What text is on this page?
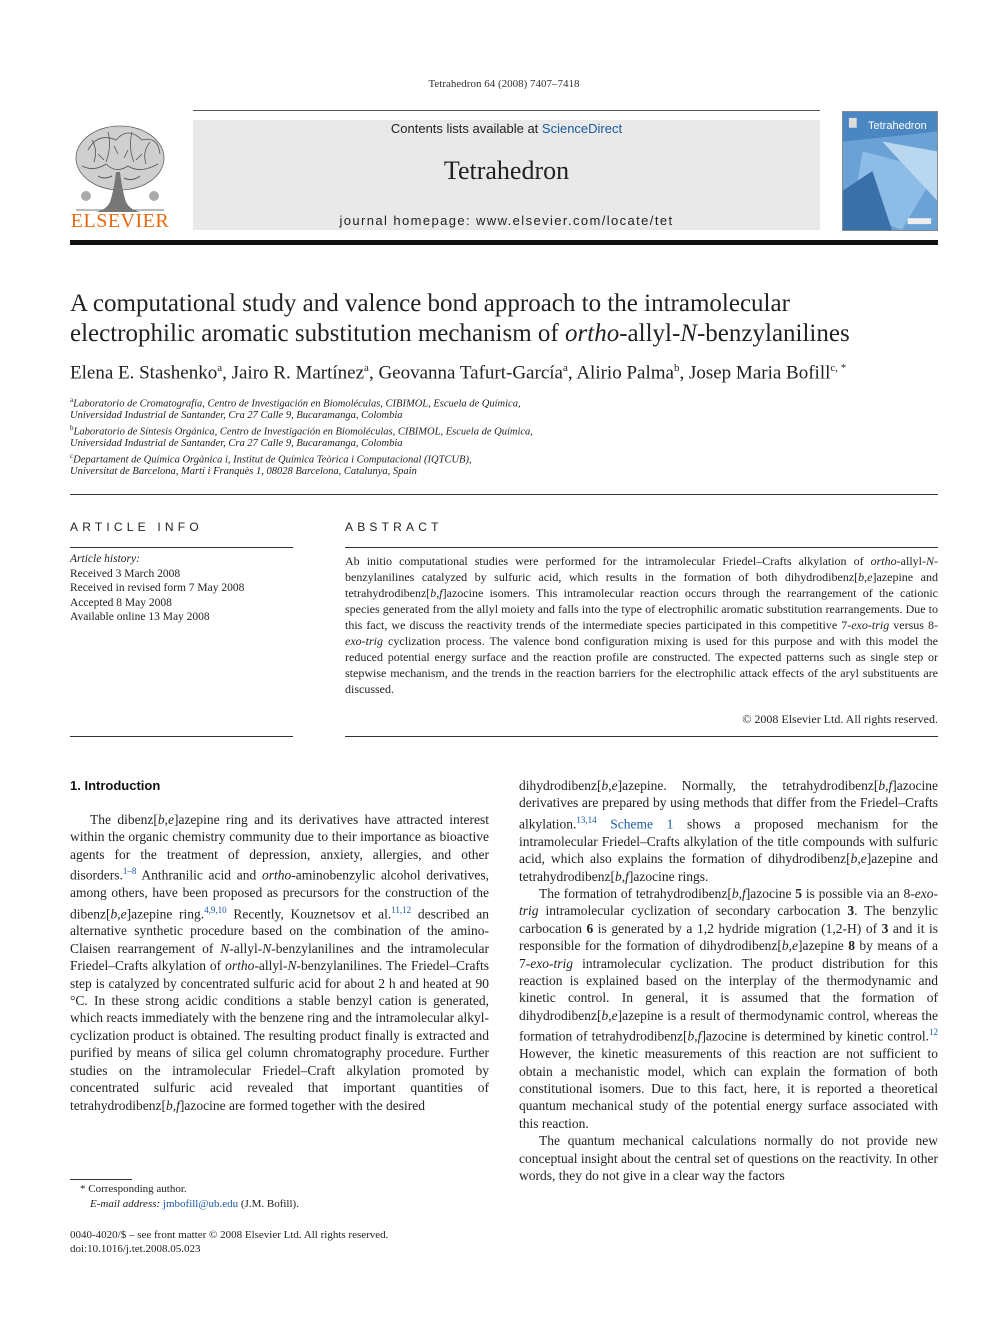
Tetrahedron 64 (2008) 7407–7418
Contents lists available at ScienceDirect
Tetrahedron
journal homepage: www.elsevier.com/locate/tet
ELSEVIER
Tetrahedron
A computational study and valence bond approach to the intramolecular
electrophilic aromatic substitution mechanism of ortho-allyl-N-benzylanilines
Elena E. Stashenko$^a$, Jairo R. Martínez$^a$, Geovanna Tafurt-García$^a$, Alirio Palma$^b$, Josep Maria Bofill$^{c, *}$
$^a$Laboratorio de Cromatografía, Centro de Investigación en Biomoléculas, CIBIMOL, Escuela de Química,
Universidad Industrial de Santander, Cra 27 Calle 9, Bucaramanga, Colombia
$^b$Laboratorio de Síntesis Orgánica, Centro de Investigación en Biomoléculas, CIBIMOL, Escuela de Química,
Universidad Industrial de Santander, Cra 27 Calle 9, Bucaramanga, Colombia
$^c$Departament de Química Orgànica i, Institut de Química Teòrica i Computacional (IQTCUB),
Universitat de Barcelona, Martí i Franquès 1, 08028 Barcelona, Catalunya, Spain
ARTICLE INFO
Article history:
Received 3 March 2008
Received in revised form 7 May 2008
Accepted 8 May 2008
Available online 13 May 2008
ABSTRACT
Ab initio computational studies were performed for the intramolecular Friedel–Crafts alkylation of ortho-allyl-N-benzylanilines catalyzed by sulfuric acid, which results in the formation of both dihydrodibenz[b,e]azepine and tetrahydrodibenz[b,f]azocine isomers. This intramolecular reaction occurs through the rearrangement of the cationic species generated from the allyl moiety and falls into the type of electrophilic aromatic substitution rearrangements. Due to this fact, we discuss the reactivity trends of the intermediate species participated in this competitive 7-exo-trig versus 8-exo-trig cyclization process. The valence bond configuration mixing is used for this purpose and with this model the reduced potential energy surface and the reaction profile are constructed. The expected patterns such as single step or stepwise mechanism, and the trends in the reaction barriers for the electrophilic attack effects of the aryl substituents are discussed.
© 2008 Elsevier Ltd. All rights reserved.
1. Introduction

The dibenz[b,e]azepine ring and its derivatives have attracted interest within the organic chemistry community due to their importance as bioactive agents for the treatment of depression, anxiety, allergies, and other disorders.$^{1-8}$ Anthranilic acid and ortho-aminobenzylic alcohol derivatives, among others, have been proposed as precursors for the construction of the dibenz[b,e]azepine ring.$^{4,9,10}$ Recently, Kouznetsov et al.$^{11,12}$ described an alternative synthetic procedure based on the combination of the amino-Claisen rearrangement of N-allyl-N-benzylanilines and the intramolecular Friedel–Crafts alkylation of ortho-allyl-N-benzylanilines. The Friedel–Crafts step is catalyzed by concentrated sulfuric acid for about 2 h and heated at 90 °C. In these strong acidic conditions a stable benzyl cation is generated, which reacts immediately with the benzene ring and the intramolecular alkyl-cyclization product is obtained. The resulting product finally is extracted and purified by means of silica gel column chromatography procedure. Further studies on the intramolecular Friedel–Craft alkylation promoted by concentrated sulfuric acid revealed that important quantities of tetrahydrodibenz[b,f]azocine are formed together with the desired

dihydrodibenz[b,e]azepine. Normally, the tetrahydrodibenz[b,f]azocine derivatives are prepared by using methods that differ from the Friedel–Crafts alkylation.$^{13,14}$ Scheme 1 shows a proposed mechanism for the intramolecular Friedel–Crafts alkylation of the title compounds with sulfuric acid, which also explains the formation of dihydrodibenz[b,e]azepine and tetrahydrodibenz[b,f]azocine rings.

The formation of tetrahydrodibenz[b,f]azocine 5 is possible via an 8-exo-trig intramolecular cyclization of secondary carbocation 3. The benzylic carbocation 6 is generated by a 1,2 hydride migration (1,2-H) of 3 and it is responsible for the formation of dihydrodibenz[b,e]azepine 8 by means of a 7-exo-trig intramolecular cyclization. The product distribution for this reaction is explained based on the interplay of the thermodynamic and kinetic control. In general, it is assumed that the formation of dihydrodibenz[b,e]azepine is a result of thermodynamic control, whereas the formation of tetrahydrodibenz[b,f]azocine is determined by kinetic control.$^{12}$ However, the kinetic measurements of this reaction are not sufficient to obtain a mechanistic model, which can explain the formation of both constitutional isomers. Due to this fact, here, it is reported a theoretical quantum mechanical study of the potential energy surface associated with this reaction.

The quantum mechanical calculations normally do not provide new conceptual insight about the central set of questions on the reactivity. In other words, they do not give in a clear way the factors

* Corresponding author.
E-mail address: jmbofill@ub.edu (J.M. Bofill).
0040-4020/$ – see front matter © 2008 Elsevier Ltd. All rights reserved.
doi:10.1016/j.tet.2008.05.023
